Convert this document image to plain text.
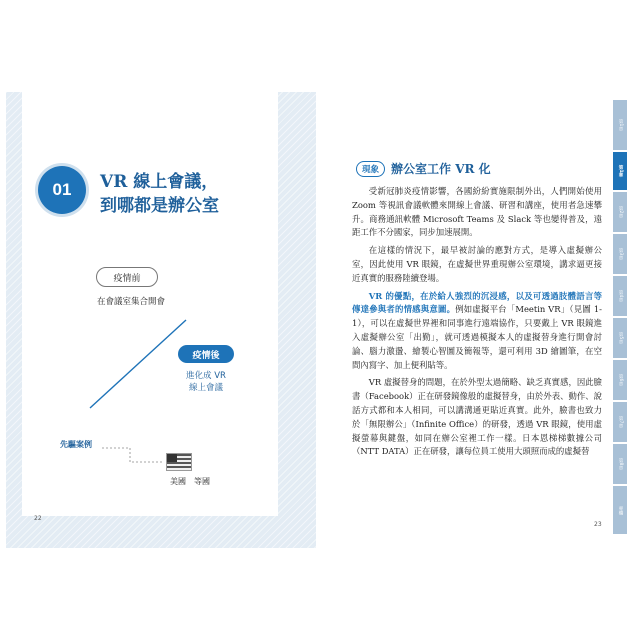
01 VR 線上會議，
到哪都是辦公室
疫情前
在會議室集合開會
疫情後
進化成 VR
線上會議
先驅案例
美國　等國
22
現象	辦公室工作 VR 化

受新冠肺炎疫情影響，各國紛紛實施限制外出，人們開始使用 Zoom 等視訊會議軟體來開線上會議、研習和講座，使用者急速攀升。商務通訊軟體 Microsoft Teams 及 Slack 等也變得普及，遠距工作不分國家，同步加速展開。

在這樣的情況下，最早被討論的應對方式，是導入虛擬辦公室，因此使用 VR 眼鏡，在虛擬世界重現辦公室環境，講求逼更接近真實的服務陸續登場。

VR 的優點，在於給人強烈的沉浸感，以及可透過肢體語言等傳達參與者的情感與意圖。例如虛擬平台「Meetin VR」（見圖 1-1），可以在虛擬世界裡和同事進行遠端協作，只要戴上 VR 眼鏡進入虛擬辦公室「出勤」，就可透過模擬本人的虛擬替身進行開會討論、腦力激盪、繪製心智圖及簡報等，還可利用 3D 繪圖筆，在空間內寫字、加上便利貼等。

VR 虛擬替身的問題，在於外型太過簡略、缺乏真實感，因此臉書（Facebook）正在研發鏡像般的虛擬替身，由於外表、動作、說話方式都和本人相同，可以講溝通更貼近真實。此外，臉書也致力於「無限辦公」（Infinite Office）的研發，透過 VR 眼鏡，使用虛擬螢幕與鍵盤，如同在辦公室裡工作一樣。日本恩梯梯數據公司（NTT DATA）正在研發，讓每位員工使用大頭照而成的虛擬替

23
第1章
第1章
第2章
第3章
第4章
第5章
第6章
第7章
第8章
專欄
